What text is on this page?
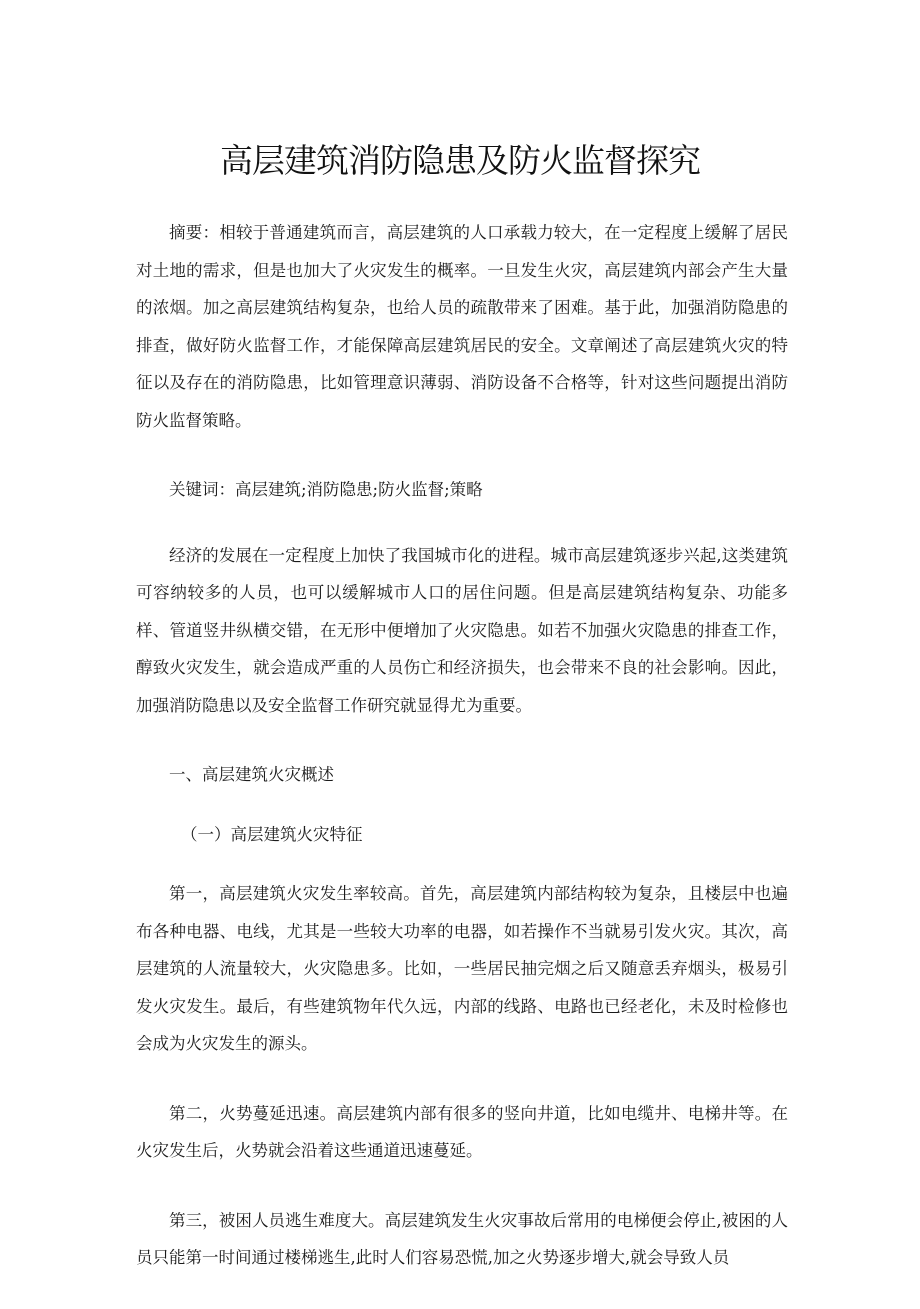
高层建筑消防隐患及防火监督探究

摘要：相较于普通建筑而言，高层建筑的人口承载力较大，在一定程度上缓解了居民对土地的需求，但是也加大了火灾发生的概率。一旦发生火灾，高层建筑内部会产生大量的浓烟。加之高层建筑结构复杂，也给人员的疏散带来了困难。基于此，加强消防隐患的排查，做好防火监督工作，才能保障高层建筑居民的安全。文章阐述了高层建筑火灾的特征以及存在的消防隐患，比如管理意识薄弱、消防设备不合格等，针对这些问题提出消防防火监督策略。

关键词：高层建筑;消防隐患;防火监督;策略

经济的发展在一定程度上加快了我国城市化的进程。城市高层建筑逐步兴起,这类建筑可容纳较多的人员，也可以缓解城市人口的居住问题。但是高层建筑结构复杂、功能多样、管道竖井纵横交错，在无形中便增加了火灾隐患。如若不加强火灾隐患的排查工作，醇致火灾发生，就会造成严重的人员伤亡和经济损失，也会带来不良的社会影响。因此，加强消防隐患以及安全监督工作研究就显得尤为重要。

一、高层建筑火灾概述

（一）高层建筑火灾特征

第一，高层建筑火灾发生率较高。首先，高层建筑内部结构较为复杂，且楼层中也遍布各种电器、电线，尤其是一些较大功率的电器，如若操作不当就易引发火灾。其次，高层建筑的人流量较大，火灾隐患多。比如，一些居民抽完烟之后又随意丢弃烟头，极易引发火灾发生。最后，有些建筑物年代久远，内部的线路、电路也已经老化，未及时检修也会成为火灾发生的源头。

第二，火势蔓延迅速。高层建筑内部有很多的竖向井道，比如电缆井、电梯井等。在火灾发生后，火势就会沿着这些通道迅速蔓延。

第三，被困人员逃生难度大。高层建筑发生火灾事故后常用的电梯便会停止,被困的人员只能第一时间通过楼梯逃生,此时人们容易恐慌,加之火势逐步增大,就会导致人员
